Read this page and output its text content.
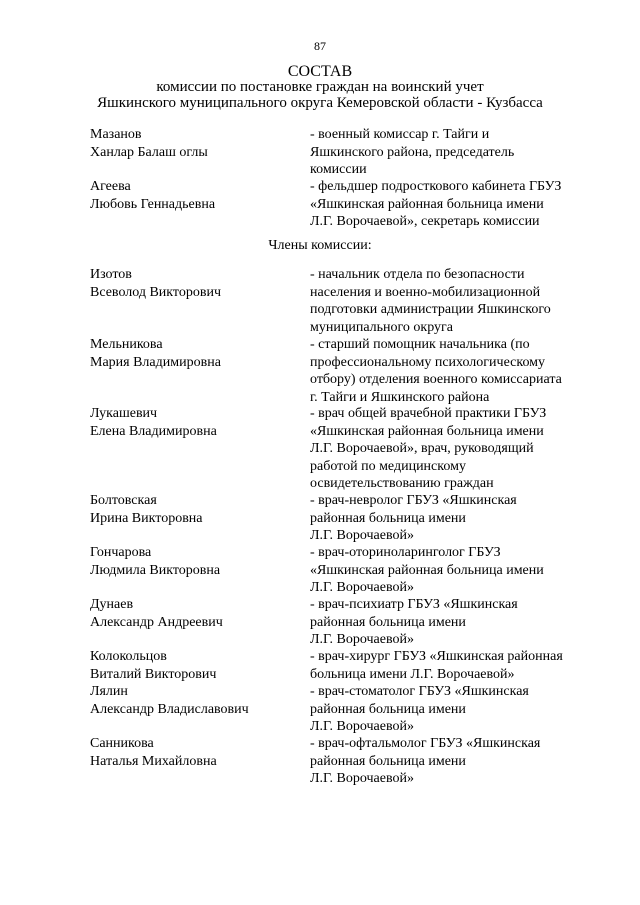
87
СОСТАВ
комиссии по постановке граждан на воинский учет
Яшкинского муниципального округа Кемеровской области - Кузбасса
Мазанов
Ханлар Балаш оглы
- военный комиссар г. Тайги и
Яшкинского района, председатель
комиссии
Агеева
Любовь Геннадьевна
- фельдшер подросткового кабинета ГБУЗ
«Яшкинская районная больница имени
Л.Г. Ворочаевой», секретарь комиссии
Члены комиссии:
Изотов
Всеволод Викторович
- начальник отдела по безопасности
населения и военно-мобилизационной
подготовки администрации Яшкинского
муниципального округа
Мельникова
Мария Владимировна
- старший помощник начальника (по
профессиональному психологическому
отбору) отделения военного комиссариата
г. Тайги и Яшкинского района
Лукашевич
Елена Владимировна
- врач общей врачебной практики ГБУЗ
«Яшкинская районная больница имени
Л.Г. Ворочаевой», врач, руководящий
работой по медицинскому
освидетельствованию граждан
Болтовская
Ирина Викторовна
- врач-невролог ГБУЗ «Яшкинская
районная больница имени
Л.Г. Ворочаевой»
Гончарова
Людмила Викторовна
- врач-оториноларинголог ГБУЗ
«Яшкинская районная больница имени
Л.Г. Ворочаевой»
Дунаев
Александр Андреевич
- врач-психиатр ГБУЗ «Яшкинская
районная больница имени
Л.Г. Ворочаевой»
Колокольцов
Виталий Викторович
- врач-хирург ГБУЗ «Яшкинская районная
больница имени Л.Г. Ворочаевой»
Лялин
Александр Владиславович
- врач-стоматолог ГБУЗ «Яшкинская
районная больница имени
Л.Г. Ворочаевой»
Санникова
Наталья Михайловна
- врач-офтальмолог ГБУЗ «Яшкинская
районная больница имени
Л.Г. Ворочаевой»
